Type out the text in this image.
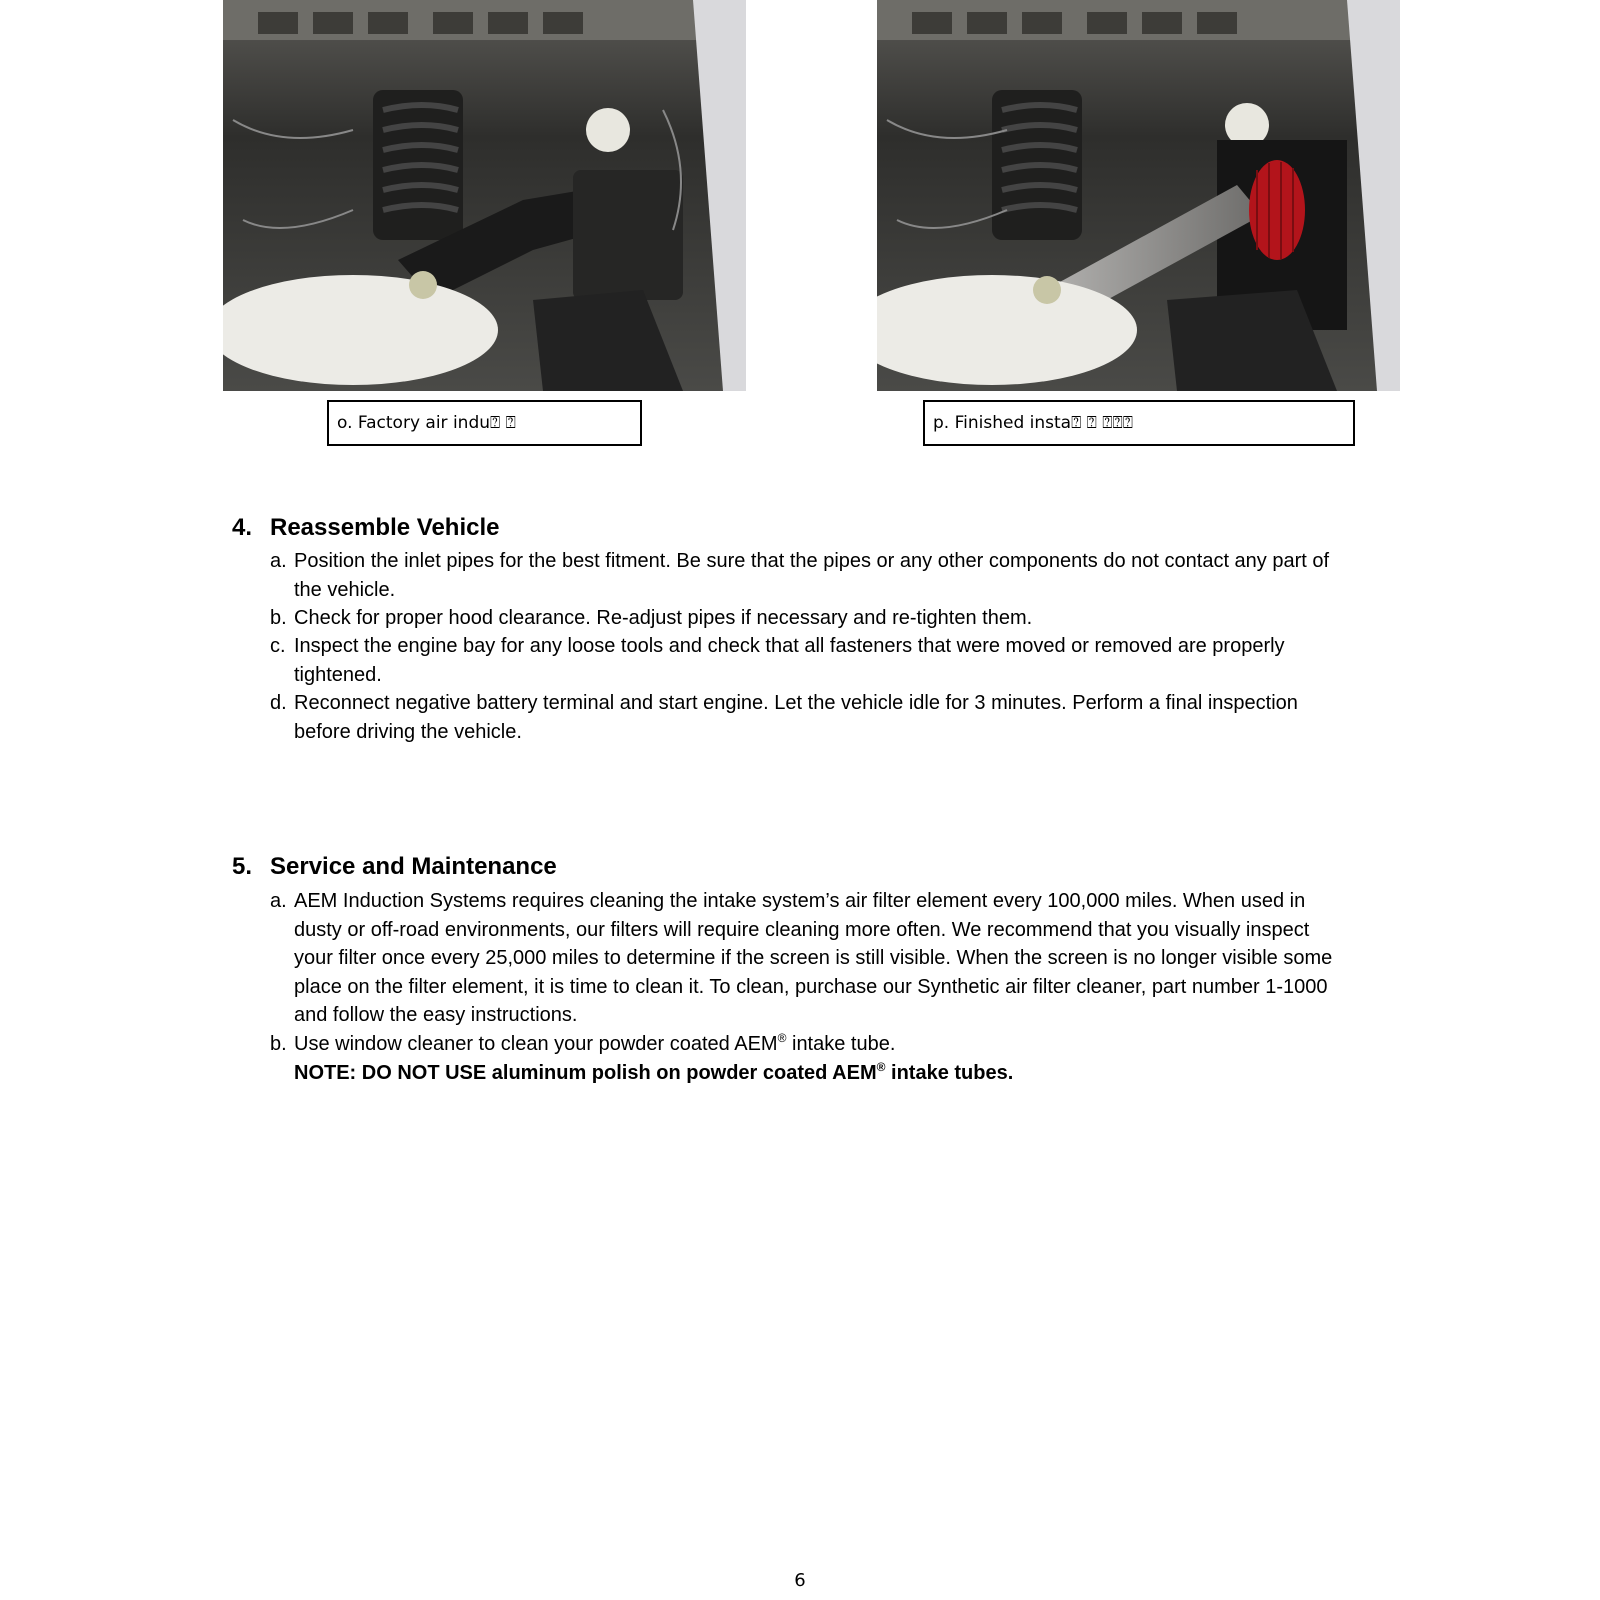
o. Factory air indu⍰ ⍰	p. Finished insta⍰ ⍰ ⍰⍰⍰
4. Reassemble Vehicle
a. Position the inlet pipes for the best fitment. Be sure that the pipes or any other components do not contact any part of the vehicle.
b. Check for proper hood clearance. Re-adjust pipes if necessary and re-tighten them.
c. Inspect the engine bay for any loose tools and check that all fasteners that were moved or removed are properly tightened.
d. Reconnect negative battery terminal and start engine. Let the vehicle idle for 3 minutes. Perform a final inspection before driving the vehicle.
5. Service and Maintenance
a. AEM Induction Systems requires cleaning the intake system’s air filter element every 100,000 miles. When used in dusty or off-road environments, our filters will require cleaning more often. We recommend that you visually inspect your filter once every 25,000 miles to determine if the screen is still visible. When the screen is no longer visible some place on the filter element, it is time to clean it. To clean, purchase our Synthetic air filter cleaner, part number 1-1000 and follow the easy instructions.
b. Use window cleaner to clean your powder coated AEM® intake tube.
NOTE: DO NOT USE aluminum polish on powder coated AEM® intake tubes.
6
